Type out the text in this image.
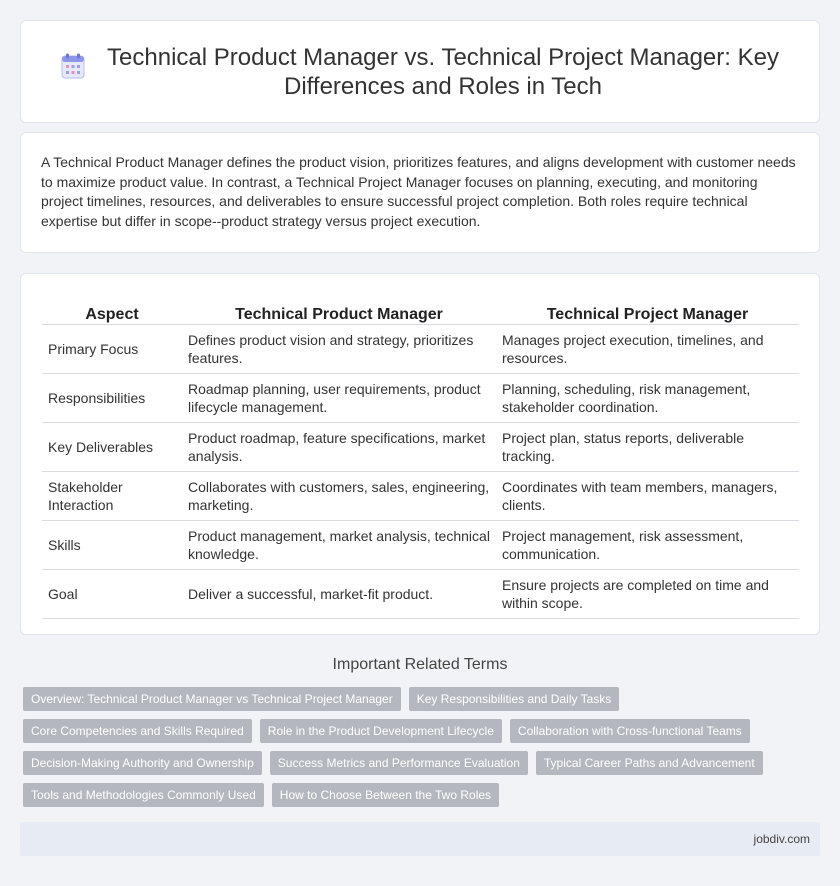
Technical Product Manager vs. Technical Project Manager: Key Differences and Roles in Tech

A Technical Product Manager defines the product vision, prioritizes features, and aligns development with customer needs to maximize product value. In contrast, a Technical Project Manager focuses on planning, executing, and monitoring project timelines, resources, and deliverables to ensure successful project completion. Both roles require technical expertise but differ in scope--product strategy versus project execution.

Aspect	Technical Product Manager	Technical Project Manager
Primary Focus	Defines product vision and strategy, prioritizes features.	Manages project execution, timelines, and resources.
Responsibilities	Roadmap planning, user requirements, product lifecycle management.	Planning, scheduling, risk management, stakeholder coordination.
Key Deliverables	Product roadmap, feature specifications, market analysis.	Project plan, status reports, deliverable tracking.
Stakeholder Interaction	Collaborates with customers, sales, engineering, marketing.	Coordinates with team members, managers, clients.
Skills	Product management, market analysis, technical knowledge.	Project management, risk assessment, communication.
Goal	Deliver a successful, market-fit product.	Ensure projects are completed on time and within scope.
Important Related Terms
Overview: Technical Product Manager vs Technical Project Manager	Key Responsibilities and Daily Tasks
Core Competencies and Skills Required	Role in the Product Development Lifecycle	Collaboration with Cross-functional Teams
Decision-Making Authority and Ownership	Success Metrics and Performance Evaluation	Typical Career Paths and Advancement
Tools and Methodologies Commonly Used	How to Choose Between the Two Roles
jobdiv.com
